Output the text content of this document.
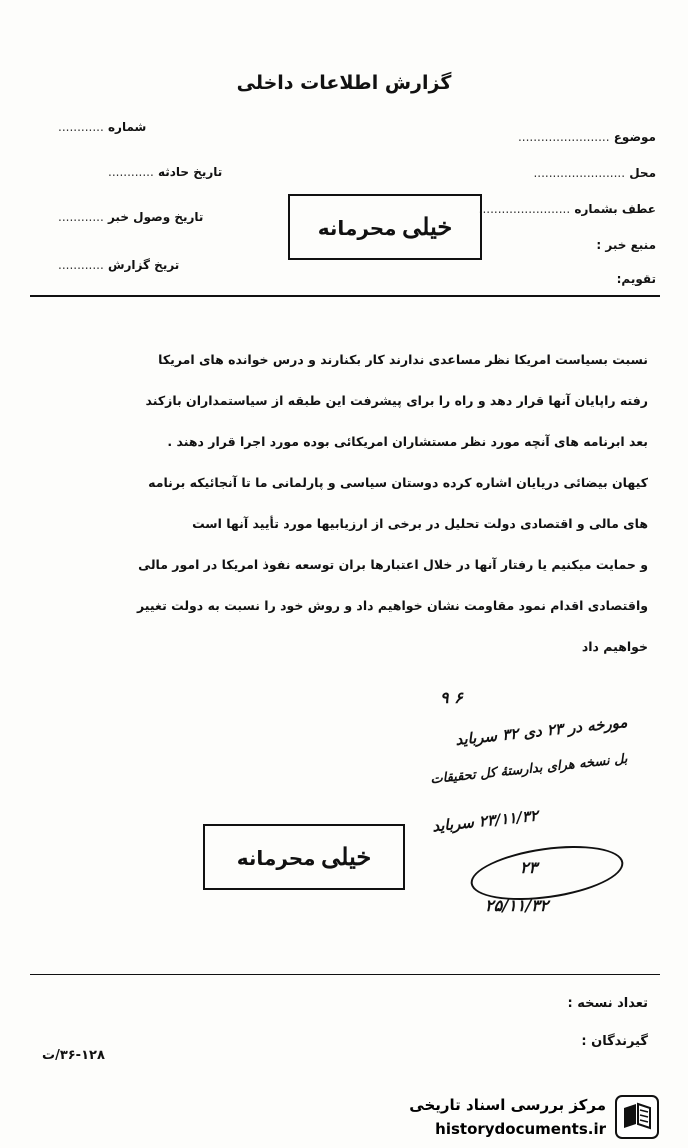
گزارش اطلاعات داخلی
شماره ............
تاریخ حادثه ............
تاریخ وصول خبر ............
تریخ گزارش ............
موضوع ........................
محل ........................
عطف بشماره ........................
منبع خبر :
تقویم:
خیلی محرمانه

نسبت بسیاست امریکا نظر مساعدی ندارند کار بکنارند و درس خوانده های امریکا

رفته راپایان آنها قرار دهد و راه را برای پیشرفت این طبقه از سیاستمداران بازکند

بعد ابرنامه های آنچه مورد نظر مستشاران امریکائی بوده مورد اجرا قرار دهند .

کیهان بیضائی دریایان اشاره کرده دوستان سیاسی و پارلمانی ما تا آنجائیکه برنامه

های مالی و اقتصادی دولت تحلیل در برخی از ارزیابیها مورد تأیید آنها است

و حمایت میکنیم یا رفتار آنها در خلال اعتبارها بران توسعه نفوذ امریکا در امور مالی

واقتصادی اقدام نمود مقاومت نشان خواهیم داد و روش خود را نسبت به دولت تغییر

خواهیم داد

۶ ۹
مورخه در ۲۳ دی ۳۲ سرباید
بل نسخه هرای بدارستهٔ کل تحقیقات
۲۳/۱۱/۳۲ سرباید
۲۳
۲۵/۱۱/۳۲
خیلی محرمانه
تعداد نسخه :
گیرندگان :
۳۶-۱۲۸/ت
مرکز بررسی اسناد تاریخی
historydocuments.ir
